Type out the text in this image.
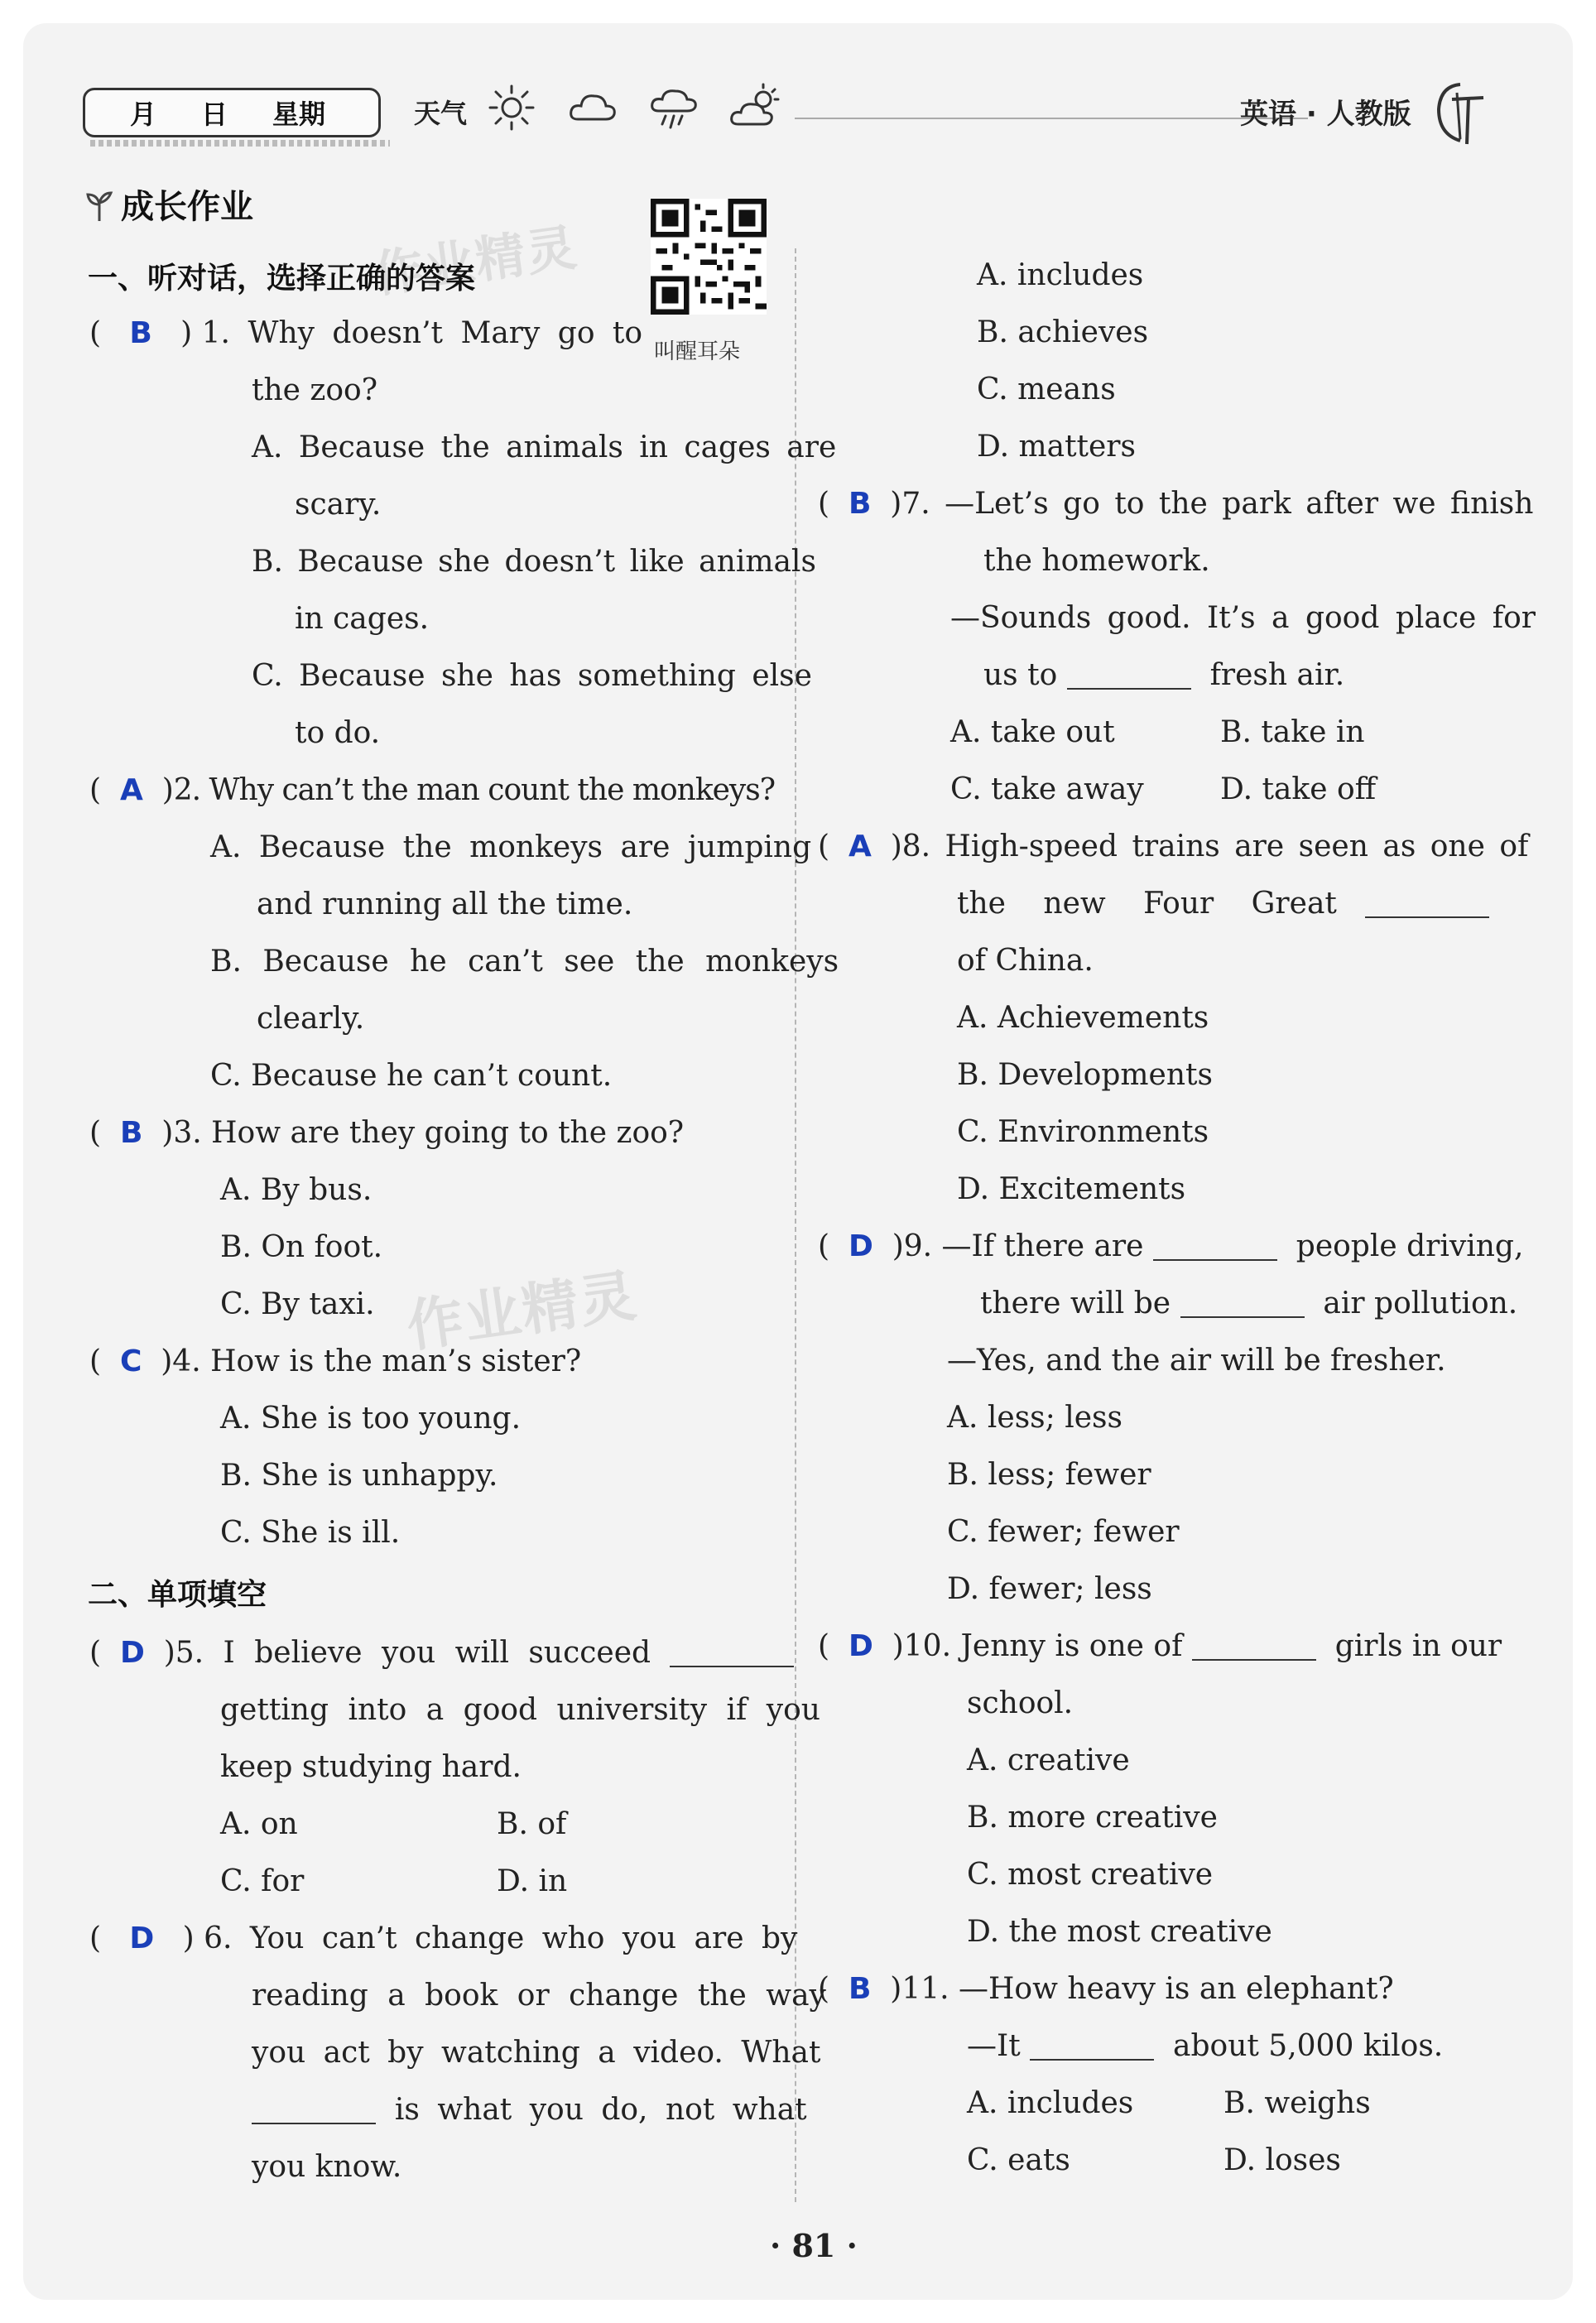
月 日 星期	天气	英语 · 人教版
成长作业
叫醒耳朵
作业精灵
作业精灵
一、听对话，选择正确的答案
(   B   ) 1. Why doesn’t Mary go to
the zoo?
A. Because the animals in cages are
scary.
B. Because she doesn’t like animals
in cages.
C. Because she has something else
to do.
(  A  )2. Why can’t the man count the monkeys?
A. Because the monkeys are jumping
and running all the time.
B. Because he can’t see the monkeys
clearly.
C. Because he can’t count.
(  B  )3. How are they going to the zoo?
A. By bus.
B. On foot.
C. By taxi.
(  C  )4. How is the man’s sister?
A. She is too young.
B. She is unhappy.
C. She is ill.
二、单项填空
(  D  )5. I believe you will succeed
getting into a good university if you
keep studying hard.
A. on	B. of
C. for	D. in
(   D   ) 6. You can’t change who you are by
reading a book or change the way
you act by watching a video. What
is what you do, not what
you know.
A. includes
B. achieves
C. means
D. matters
(  B  )7. —Let’s go to the park after we finish
the homework.
—Sounds good. It’s a good place for
us to	fresh air.
A. take out	B. take in
C. take away	D. take off
(  A  )8. High-speed trains are seen as one of
the new Four Great
of China.
A. Achievements
B. Developments
C. Environments
D. Excitements
(  D  )9. —If there are	people driving,
there will be	air pollution.
—Yes, and the air will be fresher.
A. less; less
B. less; fewer
C. fewer; fewer
D. fewer; less
(  D  )10. Jenny is one of	girls in our
school.
A. creative
B. more creative
C. most creative
D. the most creative
(  B  )11. —How heavy is an elephant?
—It	about 5,000 kilos.
A. includes	B. weighs
C. eats	D. loses
· 81 ·
